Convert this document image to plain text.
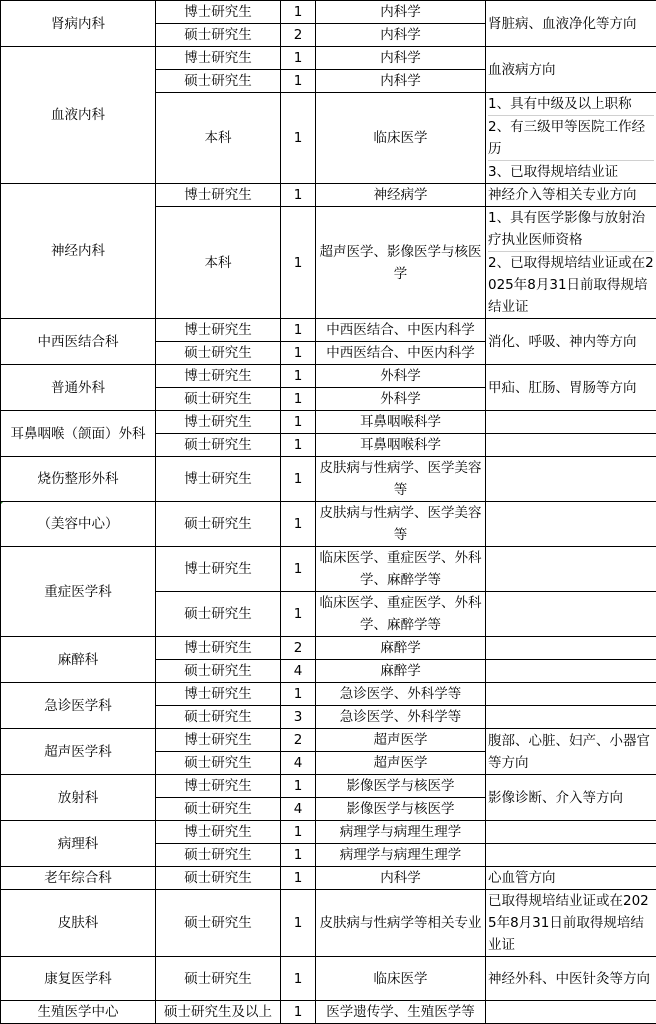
肾病内科	博士研究生	1	内科学	肾脏病、血液净化等方向
	硕士研究生	2	内科学	
血液内科	博士研究生	1	内科学	血液病方向
	硕士研究生	1	内科学	
	本科	1	临床医学	1、具有中级及以上职称
2、有三级甲等医院工作经历
3、已取得规培结业证

神经内科	博士研究生	1	神经病学	神经介入等相关专业方向
	本科	1	超声医学、影像医学与核医学	1、具有医学影像与放射治疗执业医师资格
2、已取得规培结业证或在2025年8月31日前取得规培结业证

中西医结合科	博士研究生	1	中西医结合、中医内科学	消化、呼吸、神内等方向
	硕士研究生	1	中西医结合、中医内科学	
普通外科	博士研究生	1	外科学	甲疝、肛肠、胃肠等方向
	硕士研究生	1	外科学	
耳鼻咽喉（颌面）外科	博士研究生	1	耳鼻咽喉科学	
	硕士研究生	1	耳鼻咽喉科学	
烧伤整形外科	博士研究生	1	皮肤病与性病学、医学美容等	
（美容中心）	硕士研究生	1	皮肤病与性病学、医学美容等	
重症医学科	博士研究生	1	临床医学、重症医学、外科学、麻醉学等	
	硕士研究生	1	临床医学、重症医学、外科学、麻醉学等	
麻醉科	博士研究生	2	麻醉学	
	硕士研究生	4	麻醉学	
急诊医学科	博士研究生	1	急诊医学、外科学等	
	硕士研究生	3	急诊医学、外科学等	
超声医学科	博士研究生	2	超声医学	腹部、心脏、妇产、小器官等方向
	硕士研究生	4	超声医学	
放射科	博士研究生	1	影像医学与核医学	影像诊断、介入等方向
	硕士研究生	4	影像医学与核医学	
病理科	博士研究生	1	病理学与病理生理学	
	硕士研究生	1	病理学与病理生理学	
老年综合科	硕士研究生	1	内科学	心血管方向
皮肤科	硕士研究生	1	皮肤病与性病学等相关专业	已取得规培结业证或在2025年8月31日前取得规培结业证
康复医学科	硕士研究生	1	临床医学	神经外科、中医针灸等方向
生殖医学中心	硕士研究生及以上	1	医学遗传学、生殖医学等	
